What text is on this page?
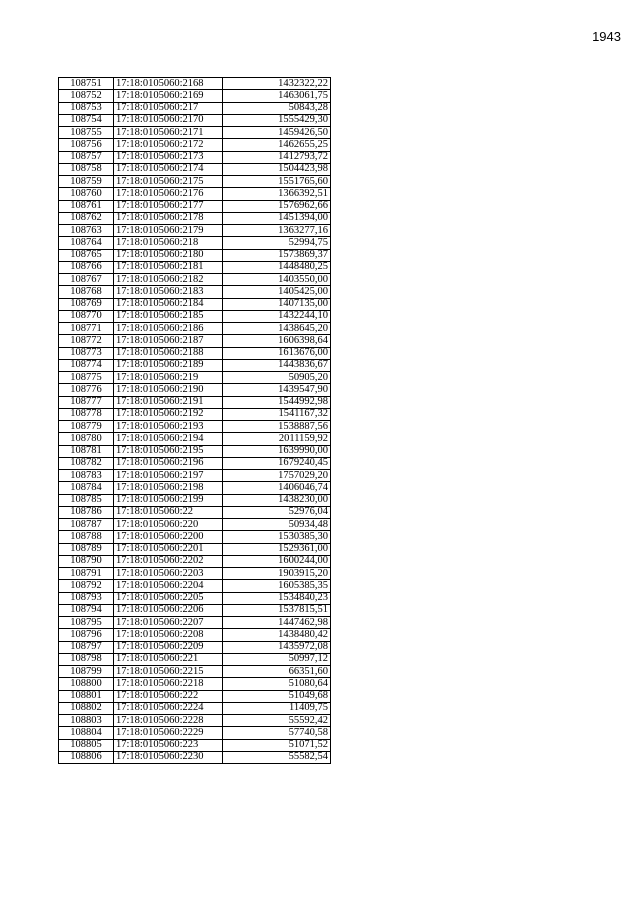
1943
108751	17:18:0105060:2168	1432322,22
108752	17:18:0105060:2169	1463061,75
108753	17:18:0105060:217	50843,28
108754	17:18:0105060:2170	1555429,30
108755	17:18:0105060:2171	1459426,50
108756	17:18:0105060:2172	1462655,25
108757	17:18:0105060:2173	1412793,72
108758	17:18:0105060:2174	1504423,98
108759	17:18:0105060:2175	1551765,60
108760	17:18:0105060:2176	1366392,51
108761	17:18:0105060:2177	1576962,66
108762	17:18:0105060:2178	1451394,00
108763	17:18:0105060:2179	1363277,16
108764	17:18:0105060:218	52994,75
108765	17:18:0105060:2180	1573869,37
108766	17:18:0105060:2181	1448480,25
108767	17:18:0105060:2182	1403550,00
108768	17:18:0105060:2183	1405425,00
108769	17:18:0105060:2184	1407135,00
108770	17:18:0105060:2185	1432244,10
108771	17:18:0105060:2186	1438645,20
108772	17:18:0105060:2187	1606398,64
108773	17:18:0105060:2188	1613676,00
108774	17:18:0105060:2189	1443836,67
108775	17:18:0105060:219	50905,20
108776	17:18:0105060:2190	1439547,90
108777	17:18:0105060:2191	1544992,98
108778	17:18:0105060:2192	1541167,32
108779	17:18:0105060:2193	1538887,56
108780	17:18:0105060:2194	2011159,92
108781	17:18:0105060:2195	1639990,00
108782	17:18:0105060:2196	1679240,45
108783	17:18:0105060:2197	1757029,20
108784	17:18:0105060:2198	1406046,74
108785	17:18:0105060:2199	1438230,00
108786	17:18:0105060:22	52976,04
108787	17:18:0105060:220	50934,48
108788	17:18:0105060:2200	1530385,30
108789	17:18:0105060:2201	1529361,00
108790	17:18:0105060:2202	1600244,00
108791	17:18:0105060:2203	1903915,20
108792	17:18:0105060:2204	1605385,35
108793	17:18:0105060:2205	1534840,23
108794	17:18:0105060:2206	1537815,51
108795	17:18:0105060:2207	1447462,98
108796	17:18:0105060:2208	1438480,42
108797	17:18:0105060:2209	1435972,08
108798	17:18:0105060:221	50997,12
108799	17:18:0105060:2215	66351,60
108800	17:18:0105060:2218	51080,64
108801	17:18:0105060:222	51049,68
108802	17:18:0105060:2224	11409,75
108803	17:18:0105060:2228	55592,42
108804	17:18:0105060:2229	57740,58
108805	17:18:0105060:223	51071,52
108806	17:18:0105060:2230	55582,54
